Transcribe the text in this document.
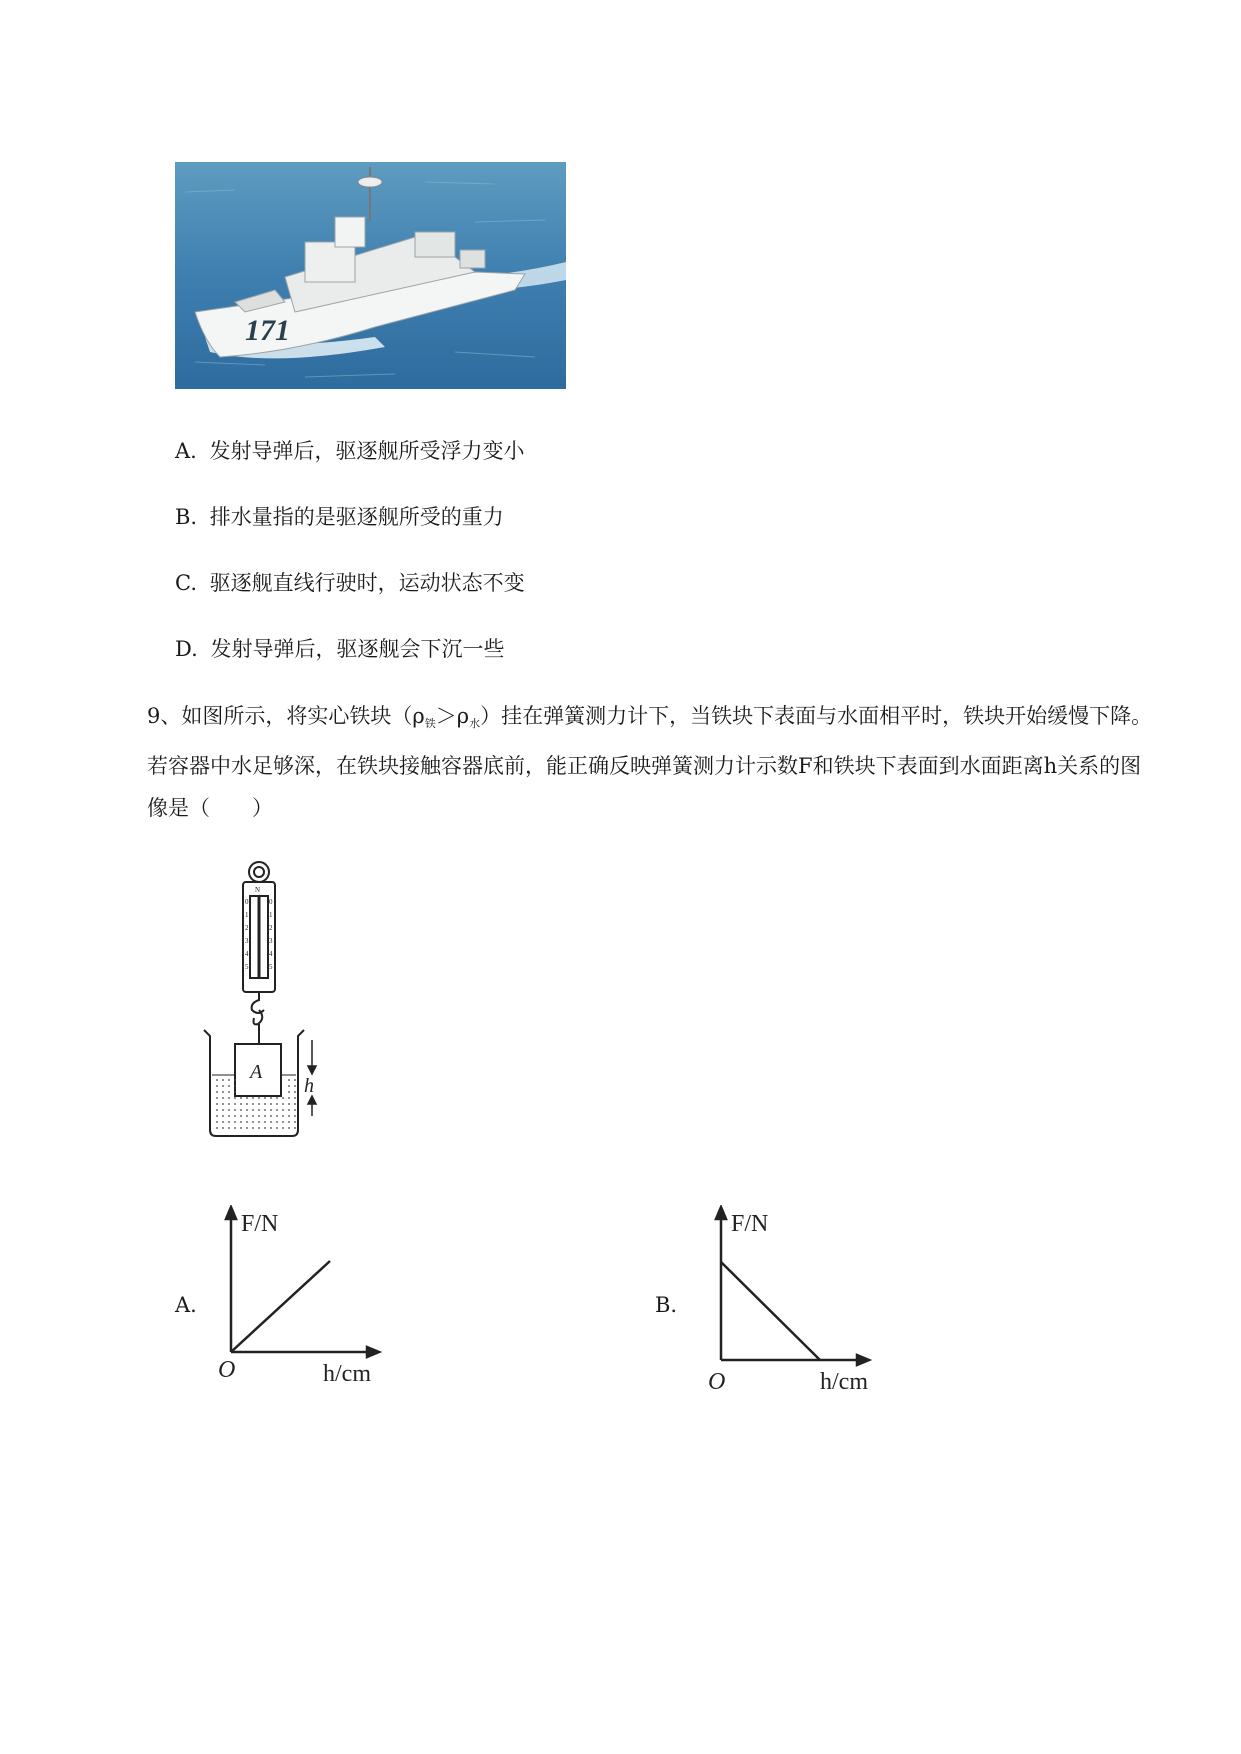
171
A. 发射导弹后，驱逐舰所受浮力变小
B. 排水量指的是驱逐舰所受的重力
C. 驱逐舰直线行驶时，运动状态不变
D. 发射导弹后，驱逐舰会下沉一些
9、如图所示，将实心铁块$(\rho_铁>\rho_水)$挂在弹簧测力计下，当铁块下表面与水面相平时，铁块开始缓慢下降。若容器中水足够深，在铁块接触容器底前，能正确反映弹簧测力计示数F和铁块下表面到水面距离h关系的图像是（　　）
N
0
1
2
3
4
5
0
1
2
3
4
5
A
h
A.
F/N
O	h/cm
B.
F/N
O	h/cm
